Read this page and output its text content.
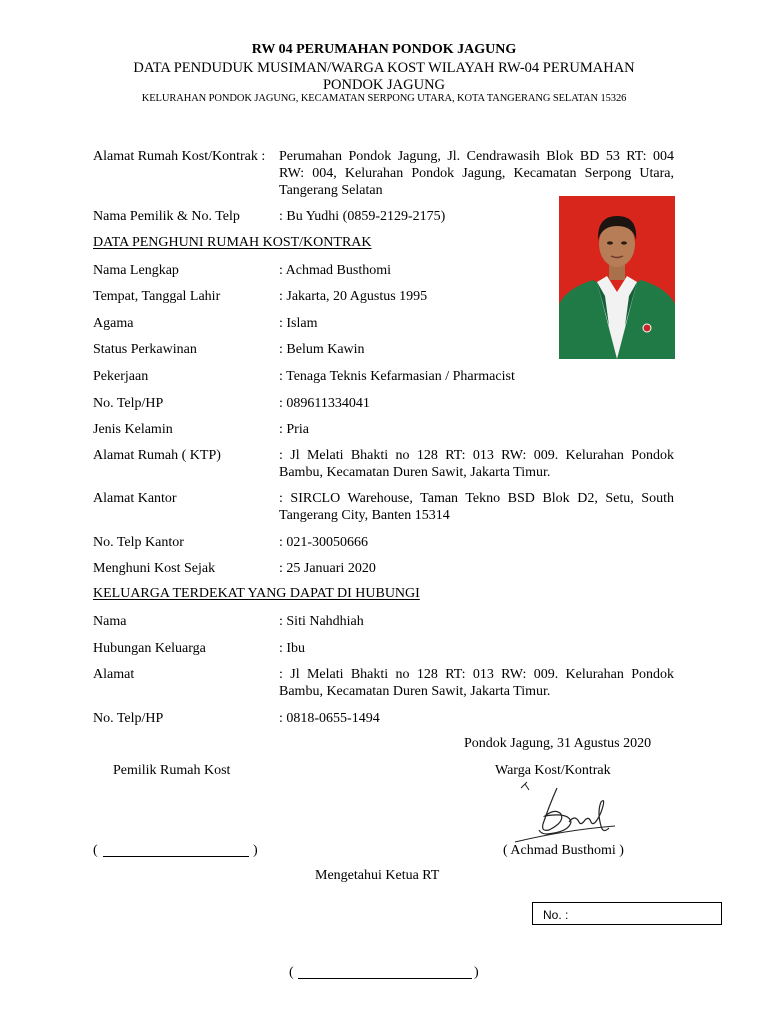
RW 04 PERUMAHAN PONDOK JAGUNG
DATA PENDUDUK MUSIMAN/WARGA KOST WILAYAH RW-04 PERUMAHAN
PONDOK JAGUNG
KELURAHAN PONDOK JAGUNG, KECAMATAN SERPONG UTARA, KOTA TANGERANG SELATAN 15326
Alamat Rumah Kost/Kontrak : Perumahan Pondok Jagung, Jl. Cendrawasih Blok BD 53 RT: 004 RW: 004, Kelurahan Pondok Jagung, Kecamatan Serpong Utara, Tangerang Selatan
Nama Pemilik & No. Telp	: Bu Yudhi (0859-2129-2175)
DATA PENGHUNI RUMAH KOST/KONTRAK
Nama Lengkap	: Achmad Busthomi
Tempat, Tanggal Lahir	: Jakarta, 20 Agustus 1995
Agama	: Islam
Status Perkawinan	: Belum Kawin
Pekerjaan	: Tenaga Teknis Kefarmasian / Pharmacist
No. Telp/HP	: 089611334041
Jenis Kelamin	: Pria
Alamat Rumah ( KTP)	: Jl Melati Bhakti no 128 RT: 013 RW: 009. Kelurahan Pondok Bambu, Kecamatan Duren Sawit, Jakarta Timur.
Alamat Kantor	: SIRCLO Warehouse, Taman Tekno BSD Blok D2, Setu, South Tangerang City, Banten 15314
No. Telp Kantor	: 021-30050666
Menghuni Kost Sejak	: 25 Januari 2020
KELUARGA TERDEKAT YANG DAPAT DI HUBUNGI
Nama	: Siti Nahdhiah
Hubungan Keluarga	: Ibu
Alamat	: Jl Melati Bhakti no 128 RT: 013 RW: 009. Kelurahan Pondok Bambu, Kecamatan Duren Sawit, Jakarta Timur.
No. Telp/HP	: 0818-0655-1494
Pondok Jagung, 31 Agustus 2020
Pemilik Rumah Kost	Warga Kost/Kontrak
(	)	( Achmad Busthomi )
Mengetahui Ketua RT
No. :
(	)
